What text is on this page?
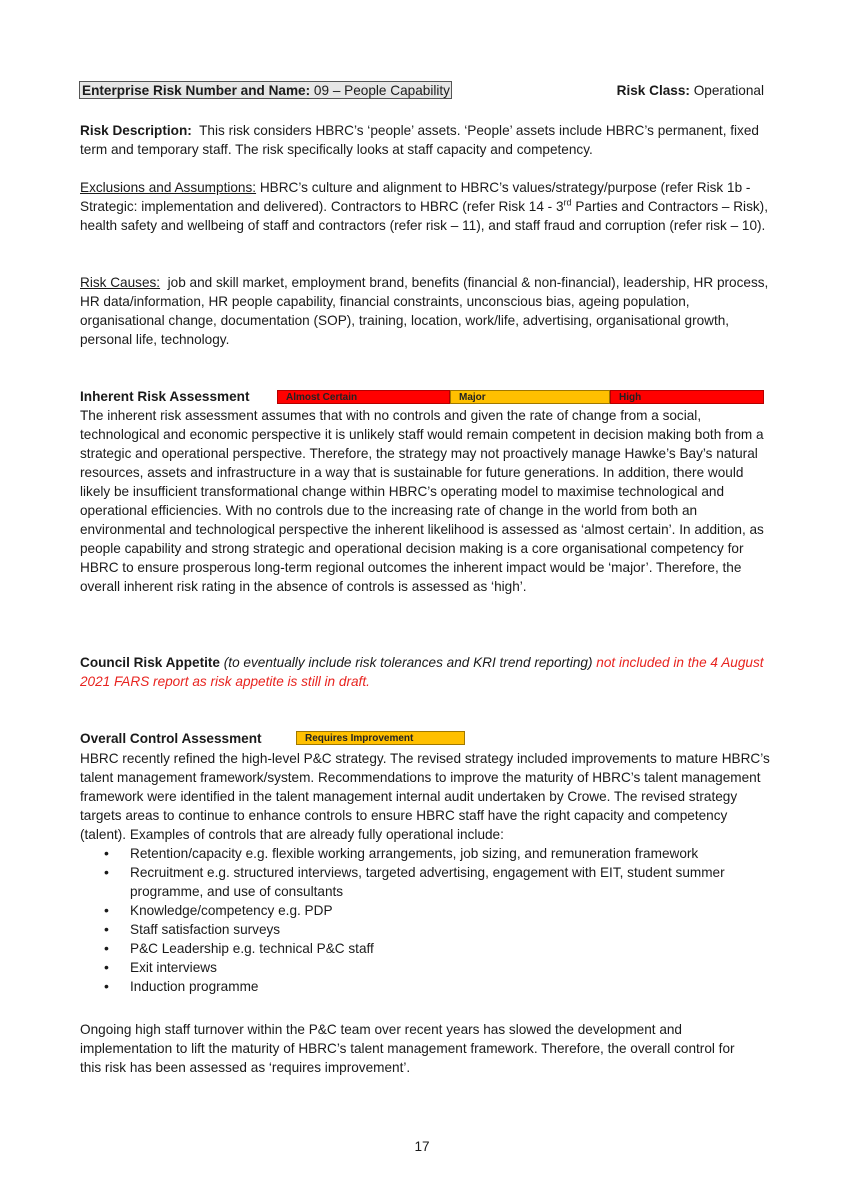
Enterprise Risk Number and Name: 09 – People Capability	Risk Class: Operational
Risk Description: This risk considers HBRC’s ‘people’ assets. ‘People’ assets include HBRC’s permanent, fixed term and temporary staff. The risk specifically looks at staff capacity and competency.
Exclusions and Assumptions: HBRC’s culture and alignment to HBRC’s values/strategy/purpose (refer Risk 1b - Strategic: implementation and delivered). Contractors to HBRC (refer Risk 14 - 3rd Parties and Contractors – Risk), health safety and wellbeing of staff and contractors (refer risk – 11), and staff fraud and corruption (refer risk – 10).
Risk Causes: job and skill market, employment brand, benefits (financial & non-financial), leadership, HR process, HR data/information, HR people capability, financial constraints, unconscious bias, ageing population, organisational change, documentation (SOP), training, location, work/life, advertising, organisational growth, personal life, technology.
Inherent Risk Assessment	Almost Certain	Major	High
The inherent risk assessment assumes that with no controls and given the rate of change from a social, technological and economic perspective it is unlikely staff would remain competent in decision making both from a strategic and operational perspective. Therefore, the strategy may not proactively manage Hawke’s Bay’s natural resources, assets and infrastructure in a way that is sustainable for future generations. In addition, there would likely be insufficient transformational change within HBRC’s operating model to maximise technological and operational efficiencies. With no controls due to the increasing rate of change in the world from both an environmental and technological perspective the inherent likelihood is assessed as ‘almost certain’. In addition, as people capability and strong strategic and operational decision making is a core organisational competency for HBRC to ensure prosperous long-term regional outcomes the inherent impact would be ‘major’. Therefore, the overall inherent risk rating in the absence of controls is assessed as ‘high’.
Council Risk Appetite (to eventually include risk tolerances and KRI trend reporting) not included in the 4 August 2021 FARS report as risk appetite is still in draft.
Overall Control Assessment	Requires Improvement
HBRC recently refined the high-level P&C strategy. The revised strategy included improvements to mature HBRC’s talent management framework/system. Recommendations to improve the maturity of HBRC’s talent management framework were identified in the talent management internal audit undertaken by Crowe. The revised strategy targets areas to continue to enhance controls to ensure HBRC staff have the right capacity and competency (talent). Examples of controls that are already fully operational include:
• Retention/capacity e.g. flexible working arrangements, job sizing, and remuneration framework
• Recruitment e.g. structured interviews, targeted advertising, engagement with EIT, student summer programme, and use of consultants
• Knowledge/competency e.g. PDP
• Staff satisfaction surveys
• P&C Leadership e.g. technical P&C staff
• Exit interviews
• Induction programme
Ongoing high staff turnover within the P&C team over recent years has slowed the development and implementation to lift the maturity of HBRC’s talent management framework. Therefore, the overall control for this risk has been assessed as ‘requires improvement’.
17
